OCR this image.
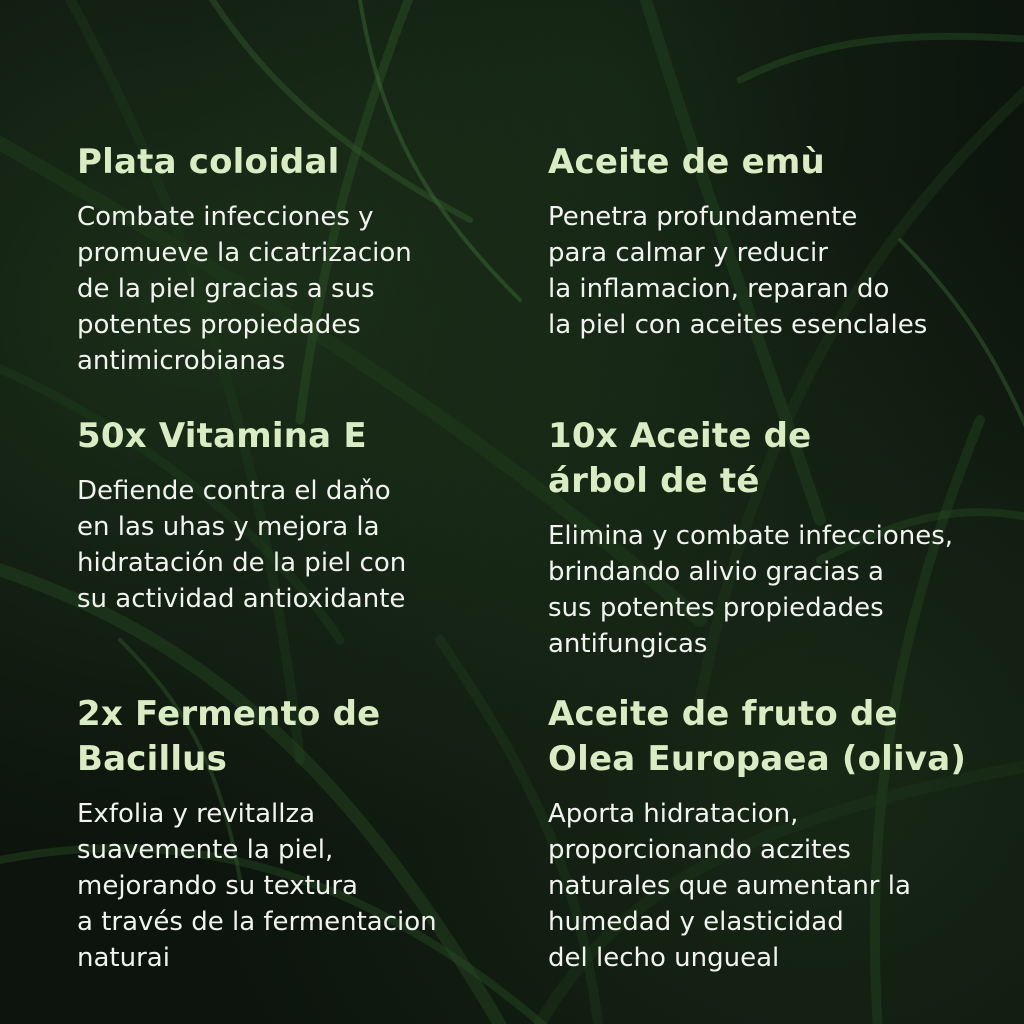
Plata coloidal

Combate infecciones y
promueve la cicatrizacion
de la piel gracias a sus
potentes propiedades
antimicrobianas

Aceite de emù

Penetra profundamente
para calmar y reducir
la inflamacion, reparan do
la piel con aceites esenclales

50x Vitamina E

Defiende contra el daňo
en las uhas y mejora la
hidratación de la piel con
su actividad antioxidante

10x Aceite de
árbol de té

Elimina y combate infecciones,
brindando alivio gracias a
sus potentes propiedades
antifungicas

2x Fermento de
Bacillus

Exfolia y revitallza
suavemente la piel,
mejorando su textura
a través de la fermentacion
naturai

Aceite de fruto de
Olea Europaea (oliva)

Aporta hidratacion,
proporcionando aczites
naturales que aumentanr la
humedad y elasticidad
del lecho ungueal
